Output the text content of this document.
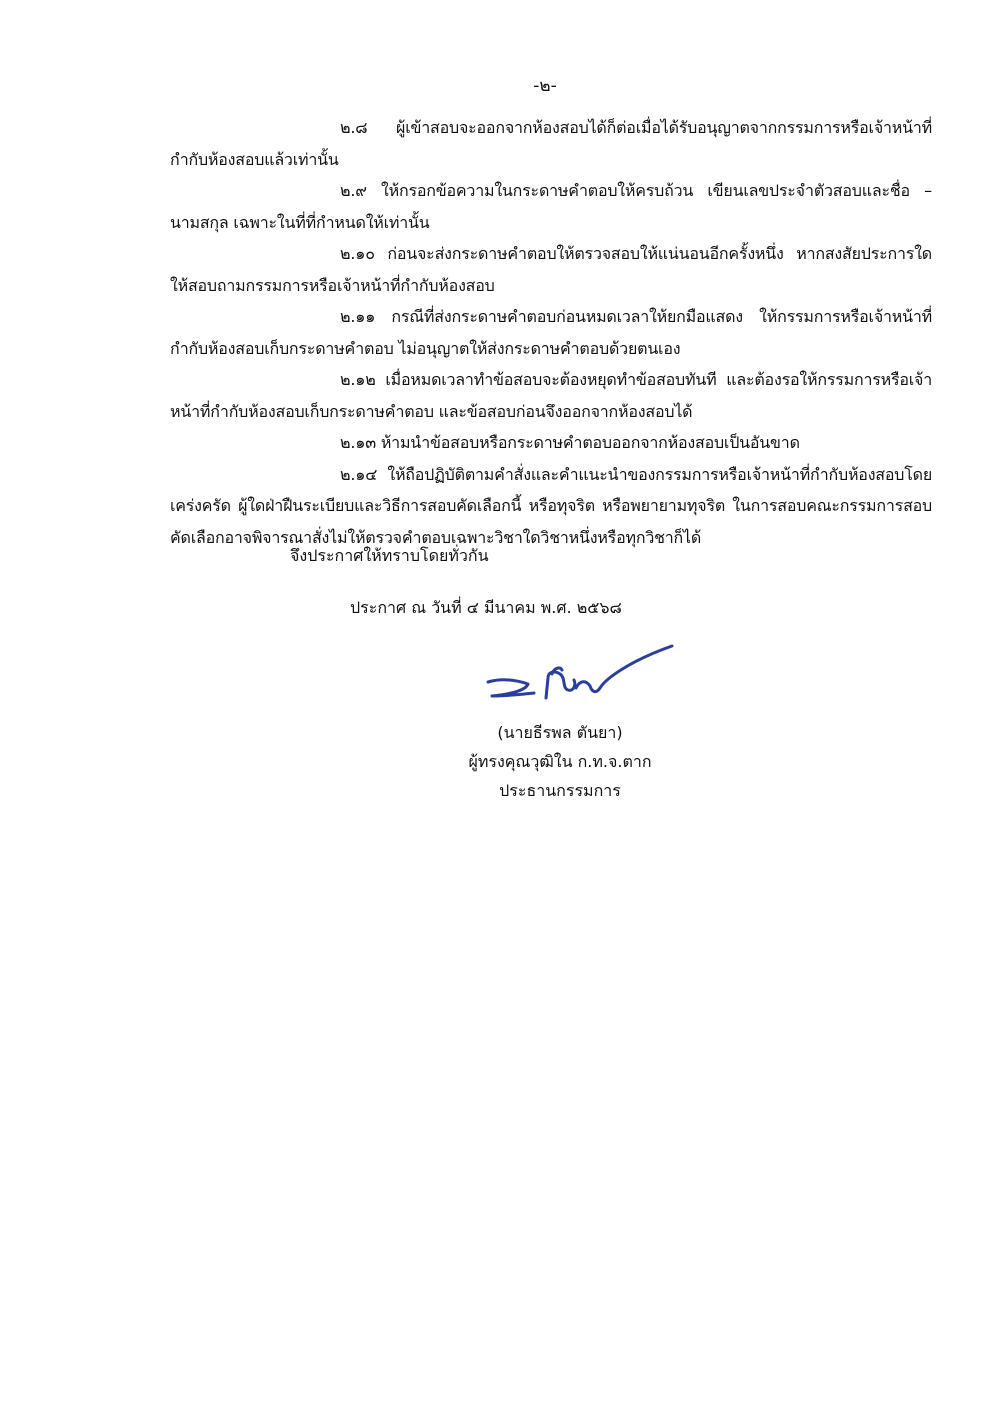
-๒-

๒.๘ ผู้เข้าสอบจะออกจากห้องสอบได้ก็ต่อเมื่อได้รับอนุญาตจากกรรมการหรือเจ้าหน้าที่กำกับห้องสอบแล้วเท่านั้น

๒.๙ ให้กรอกข้อความในกระดาษคำตอบให้ครบถ้วน เขียนเลขประจำตัวสอบและชื่อ – นามสกุล เฉพาะในที่ที่กำหนดให้เท่านั้น

๒.๑๐ ก่อนจะส่งกระดาษคำตอบให้ตรวจสอบให้แน่นอนอีกครั้งหนึ่ง หากสงสัยประการใดให้สอบถามกรรมการหรือเจ้าหน้าที่กำกับห้องสอบ

๒.๑๑ กรณีที่ส่งกระดาษคำตอบก่อนหมดเวลาให้ยกมือแสดง ให้กรรมการหรือเจ้าหน้าที่กำกับห้องสอบเก็บกระดาษคำตอบ ไม่อนุญาตให้ส่งกระดาษคำตอบด้วยตนเอง

๒.๑๒ เมื่อหมดเวลาทำข้อสอบจะต้องหยุดทำข้อสอบทันที และต้องรอให้กรรมการหรือเจ้าหน้าที่กำกับห้องสอบเก็บกระดาษคำตอบ และข้อสอบก่อนจึงออกจากห้องสอบได้

๒.๑๓ ห้ามนำข้อสอบหรือกระดาษคำตอบออกจากห้องสอบเป็นอันขาด

๒.๑๔ ให้ถือปฏิบัติตามคำสั่งและคำแนะนำของกรรมการหรือเจ้าหน้าที่กำกับห้องสอบโดยเคร่งครัด ผู้ใดฝ่าฝืนระเบียบและวิธีการสอบคัดเลือกนี้ หรือทุจริต หรือพยายามทุจริต ในการสอบคณะกรรมการสอบคัดเลือกอาจพิจารณาสั่งไม่ให้ตรวจคำตอบเฉพาะวิชาใดวิชาหนึ่งหรือทุกวิชาก็ได้

จึงประกาศให้ทราบโดยทั่วกัน

ประกาศ ณ วันที่ ๔ มีนาคม พ.ศ. ๒๕๖๘

(นายธีรพล ตันยา)
ผู้ทรงคุณวุฒิใน ก.ท.จ.ตาก
ประธานกรรมการ
